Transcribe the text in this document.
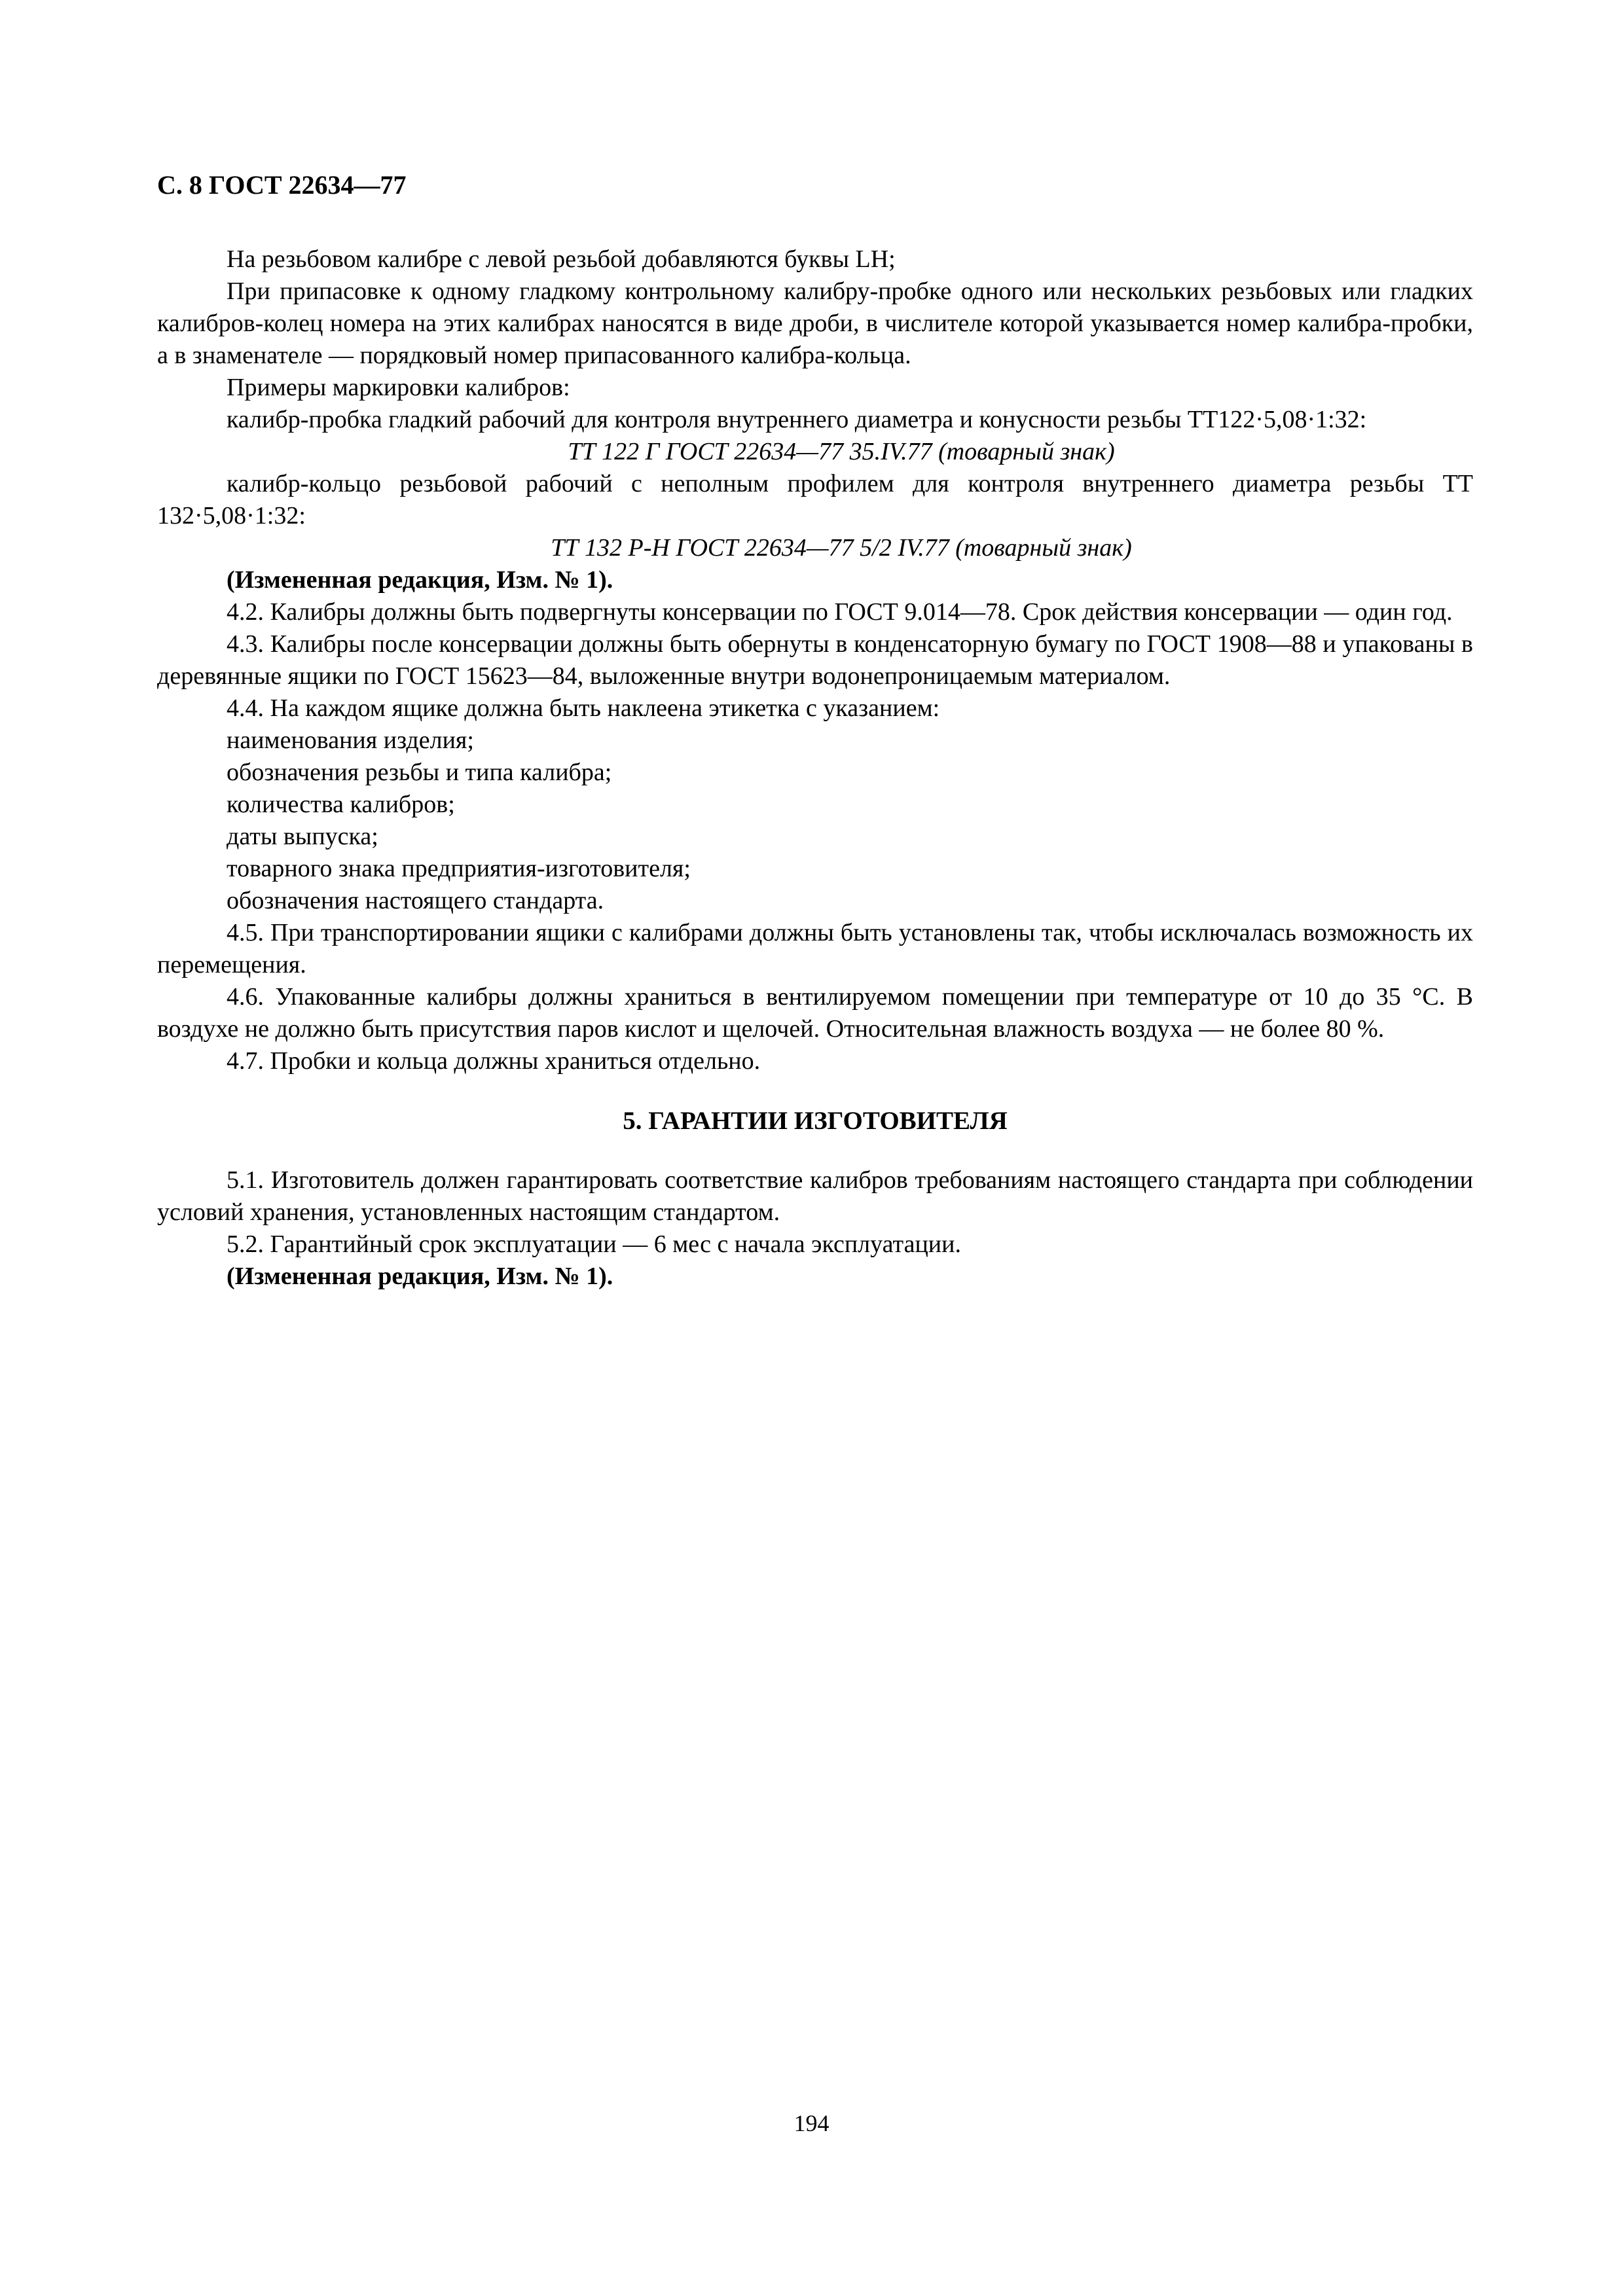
С. 8 ГОСТ 22634—77

На резьбовом калибре с левой резьбой добавляются буквы LH;

При припасовке к одному гладкому контрольному калибру-пробке одного или нескольких резьбовых или гладких калибров-колец номера на этих калибрах наносятся в виде дроби, в числителе которой указывается номер калибра-пробки, а в знаменателе — порядковый номер припасованного калибра-кольца.

Примеры маркировки калибров:

калибр-пробка гладкий рабочий для контроля внутреннего диаметра и конусности резьбы ТТ122·5,08·1:32:

ТТ 122 Г ГОСТ 22634—77 35.IV.77 (товарный знак)

калибр-кольцо резьбовой рабочий с неполным профилем для контроля внутреннего диаметра резьбы ТТ 132·5,08·1:32:

ТТ 132 Р-Н ГОСТ 22634—77 5/2 IV.77 (товарный знак)

(Измененная редакция, Изм. № 1).

4.2. Калибры должны быть подвергнуты консервации по ГОСТ 9.014—78. Срок действия консервации — один год.

4.3. Калибры после консервации должны быть обернуты в конденсаторную бумагу по ГОСТ 1908—88 и упакованы в деревянные ящики по ГОСТ 15623—84, выложенные внутри водонепроницаемым материалом.

4.4. На каждом ящике должна быть наклеена этикетка с указанием:

наименования изделия;

обозначения резьбы и типа калибра;

количества калибров;

даты выпуска;

товарного знака предприятия-изготовителя;

обозначения настоящего стандарта.

4.5. При транспортировании ящики с калибрами должны быть установлены так, чтобы исключалась возможность их перемещения.

4.6. Упакованные калибры должны храниться в вентилируемом помещении при температуре от 10 до 35 °С. В воздухе не должно быть присутствия паров кислот и щелочей. Относительная влажность воздуха — не более 80 %.

4.7. Пробки и кольца должны храниться отдельно.

5. ГАРАНТИИ ИЗГОТОВИТЕЛЯ

5.1. Изготовитель должен гарантировать соответствие калибров требованиям настоящего стандарта при соблюдении условий хранения, установленных настоящим стандартом.

5.2. Гарантийный срок эксплуатации — 6 мес с начала эксплуатации.

(Измененная редакция, Изм. № 1).

194
